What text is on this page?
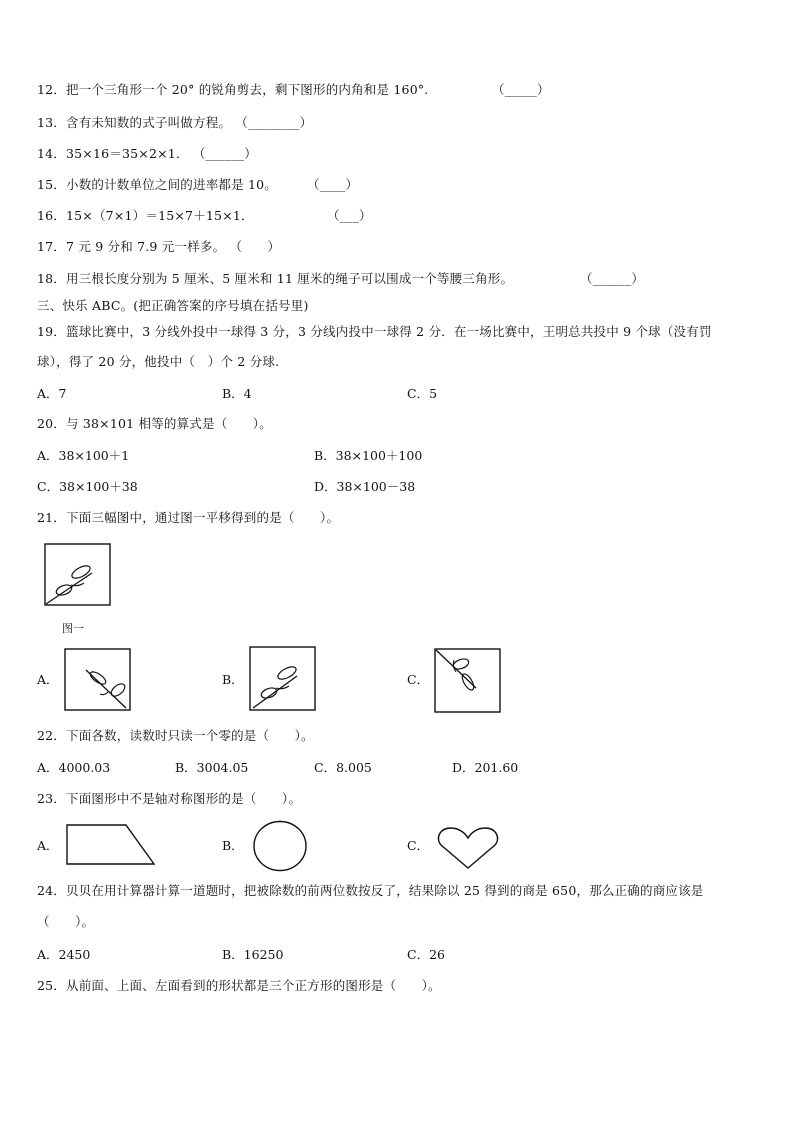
12．把一个三角形一个 20° 的锐角剪去，剩下图形的内角和是 160°.	（_____）
13．含有未知数的式子叫做方程。 （________）
14．35×16＝35×2×1． （______）
15．小数的计数单位之间的进率都是 10。 （____）
16．15×（7×1）＝15×7＋15×1．	（___）
17．7 元 9 分和 7.9 元一样多。 （　　）
18．用三根长度分别为 5 厘米、5 厘米和 11 厘米的绳子可以围成一个等腰三角形。	（______）
三、快乐 ABC。(把正确答案的序号填在括号里)
19．篮球比赛中，3 分线外投中一球得 3 分，3 分线内投中一球得 2 分．在一场比赛中，王明总共投中 9 个球（没有罚
球），得了 20 分，他投中（　）个 2 分球.
A．7	B．4	C．5
20．与 38×101 相等的算式是（　　）。
A．38×100＋1	B．38×100＋100
C．38×100＋38	D．38×100－38
21．下面三幅图中，通过图一平移得到的是（　　）。
图一
A．	B．	C．
22．下面各数，读数时只读一个零的是（　　）。
A．4000.03	B．3004.05	C．8.005	D．201.60
23．下面图形中不是轴对称图形的是（　　）。
A．	B．	C．
24．贝贝在用计算器计算一道题时，把被除数的前两位数按反了，结果除以 25 得到的商是 650，那么正确的商应该是
（　　）。
A．2450	B．16250	C．26
25．从前面、上面、左面看到的形状都是三个正方形的图形是（　　）。
